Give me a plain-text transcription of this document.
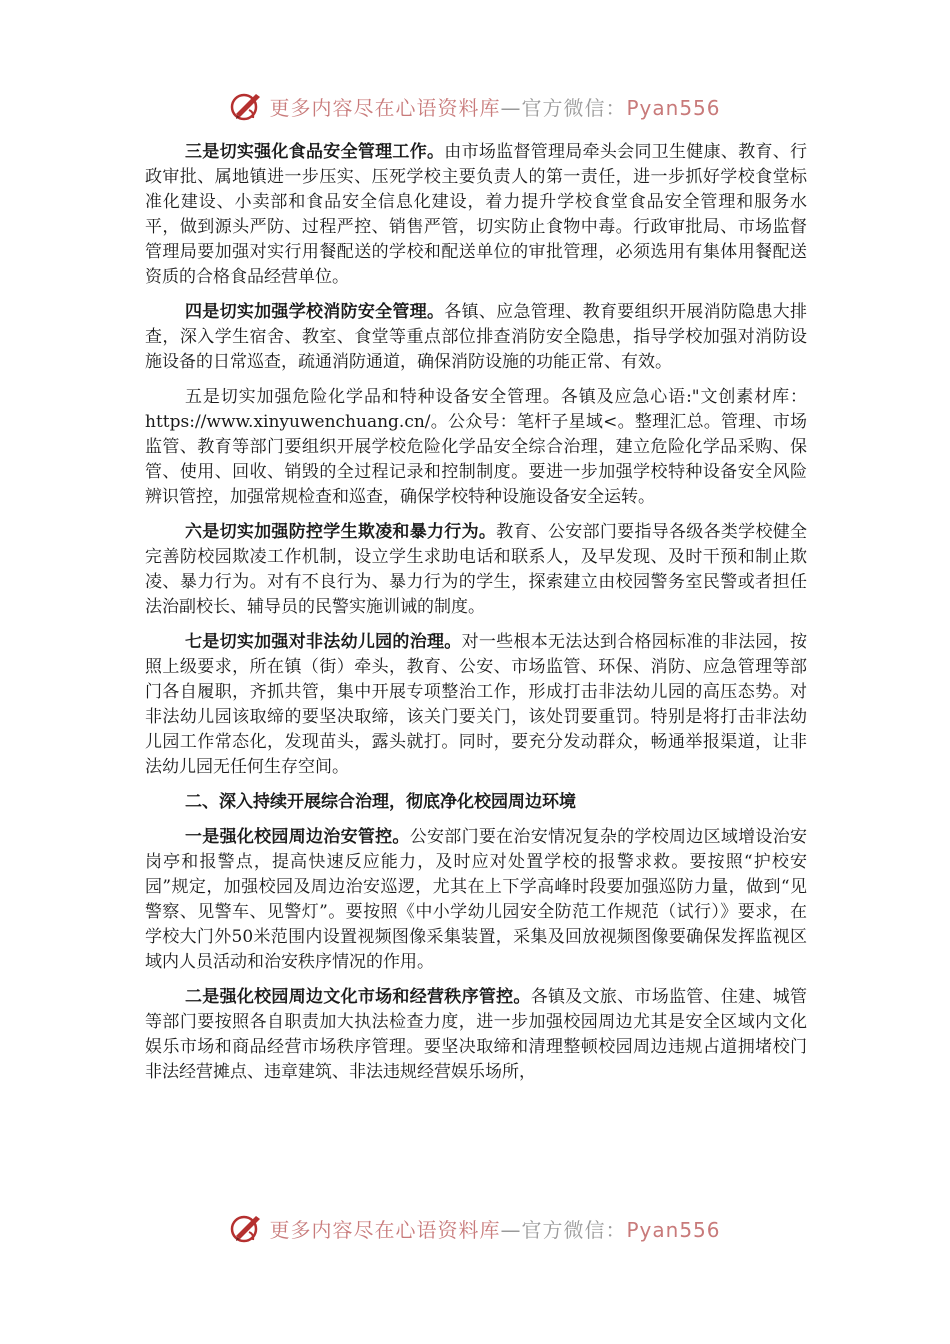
更多内容尽在心语资料库—官方微信：Pyan556

三是切实强化食品安全管理工作。由市场监督管理局牵头会同卫生健康、教育、行政审批、属地镇进一步压实、压死学校主要负责人的第一责任，进一步抓好学校食堂标准化建设、小卖部和食品安全信息化建设，着力提升学校食堂食品安全管理和服务水平，做到源头严防、过程严控、销售严管，切实防止食物中毒。行政审批局、市场监督管理局要加强对实行用餐配送的学校和配送单位的审批管理，必须选用有集体用餐配送资质的合格食品经营单位。

四是切实加强学校消防安全管理。各镇、应急管理、教育要组织开展消防隐患大排查，深入学生宿舍、教室、食堂等重点部位排查消防安全隐患，指导学校加强对消防设施设备的日常巡查，疏通消防通道，确保消防设施的功能正常、有效。

五是切实加强危险化学品和特种设备安全管理。各镇及应急心语:"文创素材库：https://www.xinyuwenchuang.cn/。公众号：笔杆子星域<。整理汇总。管理、市场监管、教育等部门要组织开展学校危险化学品安全综合治理，建立危险化学品采购、保管、使用、回收、销毁的全过程记录和控制制度。要进一步加强学校特种设备安全风险辨识管控，加强常规检查和巡查，确保学校特种设施设备安全运转。

六是切实加强防控学生欺凌和暴力行为。教育、公安部门要指导各级各类学校健全完善防校园欺凌工作机制，设立学生求助电话和联系人，及早发现、及时干预和制止欺凌、暴力行为。对有不良行为、暴力行为的学生，探索建立由校园警务室民警或者担任法治副校长、辅导员的民警实施训诫的制度。

七是切实加强对非法幼儿园的治理。对一些根本无法达到合格园标准的非法园，按照上级要求，所在镇（街）牵头，教育、公安、市场监管、环保、消防、应急管理等部门各自履职，齐抓共管，集中开展专项整治工作，形成打击非法幼儿园的高压态势。对非法幼儿园该取缔的要坚决取缔，该关门要关门，该处罚要重罚。特别是将打击非法幼儿园工作常态化，发现苗头，露头就打。同时，要充分发动群众，畅通举报渠道，让非法幼儿园无任何生存空间。

二、深入持续开展综合治理，彻底净化校园周边环境

一是强化校园周边治安管控。公安部门要在治安情况复杂的学校周边区域增设治安岗亭和报警点，提高快速反应能力，及时应对处置学校的报警求救。要按照“护校安园”规定，加强校园及周边治安巡逻，尤其在上下学高峰时段要加强巡防力量，做到“见警察、见警车、见警灯”。要按照《中小学幼儿园安全防范工作规范（试行）》要求，在学校大门外50米范围内设置视频图像采集装置，采集及回放视频图像要确保发挥监视区域内人员活动和治安秩序情况的作用。

二是强化校园周边文化市场和经营秩序管控。各镇及文旅、市场监管、住建、城管等部门要按照各自职责加大执法检查力度，进一步加强校园周边尤其是安全区域内文化娱乐市场和商品经营市场秩序管理。要坚决取缔和清理整顿校园周边违规占道拥堵校门非法经营摊点、违章建筑、非法违规经营娱乐场所，

更多内容尽在心语资料库—官方微信：Pyan556
